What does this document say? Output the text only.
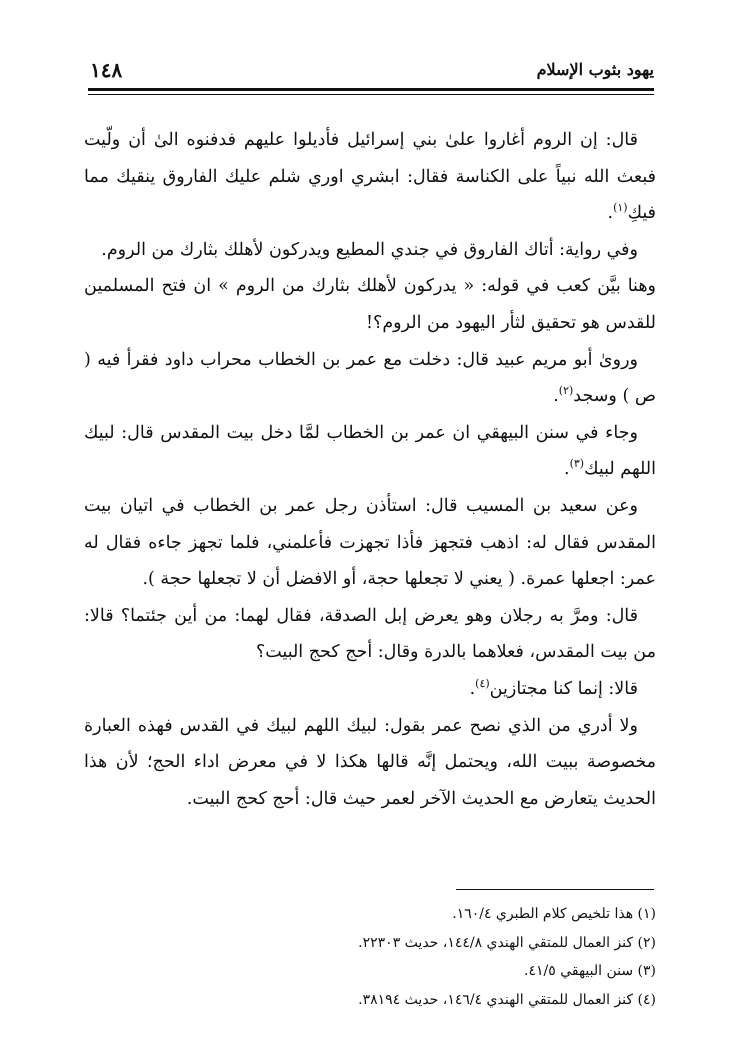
يهود بثوب الإسلام
١٤٨

قال: إن الروم أغاروا علىٰ بني إسرائيل فأديلوا عليهم فدفنوه الىٰ أن ولّيت فبعث الله نبياً على الكناسة فقال: ابشري اوري شلم عليك الفاروق ينقيك مما فيكِ$^{(١)}$.

وفي رواية: أتاك الفاروق في جندي المطيع ويدركون لأهلك بثارك من الروم.

وهنا بيَّن كعب في قوله: « يدركون لأهلك بثارك من الروم » ان فتح المسلمين للقدس هو تحقيق لثأر اليهود من الروم؟!

وروىٰ أبو مريم عبيد قال: دخلت مع عمر بن الخطاب محراب داود فقرأ فيه ( ص ) وسجد$^{(٢)}$.

وجاء في سنن البيهقي ان عمر بن الخطاب لمَّا دخل بيت المقدس قال: لبيك اللهم لبيك$^{(٣)}$.

وعن سعيد بن المسيب قال: استأذن رجل عمر بن الخطاب في اتيان بيت المقدس فقال له: اذهب فتجهز فأذا تجهزت فأعلمني، فلما تجهز جاءه فقال له عمر: اجعلها عمرة. ( يعني لا تجعلها حجة، أو الافضل أن لا تجعلها حجة ).

قال: ومرَّ به رجلان وهو يعرض إبل الصدقة، فقال لهما: من أين جئتما؟ قالا: من بيت المقدس، فعلاهما بالدرة وقال: أحج كحج البيت؟

قالا: إنما كنا مجتازين$^{(٤)}$.

ولا أدري من الذي نصح عمر بقول: لبيك اللهم لبيك في القدس فهذه العبارة مخصوصة ببيت الله، ويحتمل إنَّه قالها هكذا لا في معرض اداء الحج؛ لأن هذا الحديث يتعارض مع الحديث الآخر لعمر حيث قال: أحج كحج البيت.

(١) هذا تلخيص كلام الطبري ١٦٠/٤.
(٢) كنز العمال للمتقي الهندي ١٤٤/٨، حديث ٢٢٣٠٣.
(٣) سنن البيهقي ٤١/٥.
(٤) كنز العمال للمتقي الهندي ١٤٦/٤، حديث ٣٨١٩٤.
